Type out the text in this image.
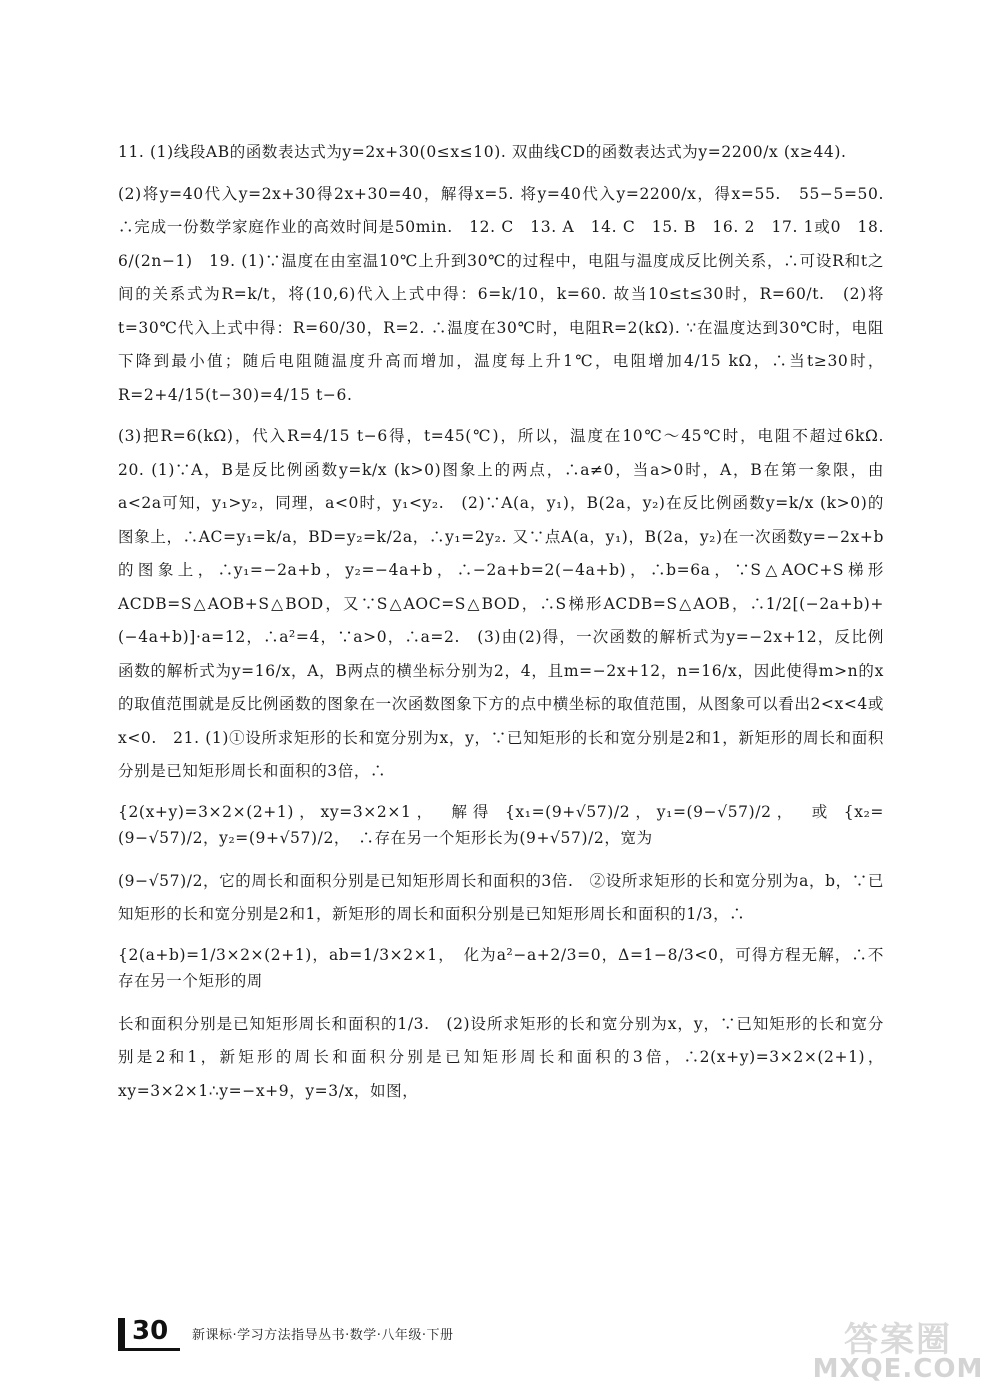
11. (1)线段AB的函数表达式为y=2x+30(0≤x≤10). 双曲线CD的函数表达式为y=2200/x (x≥44).

(2)将y=40代入y=2x+30得2x+30=40，解得x=5. 将y=40代入y=2200/x，得x=55.　55−5=50. ∴完成一份数学家庭作业的高效时间是50min.　12. C　13. A　14. C　15. B　16. 2　17. 1或0　18. 6/(2n−1)　19. (1)∵温度在由室温10℃上升到30℃的过程中，电阻与温度成反比例关系，∴可设R和t之间的关系式为R=k/t，将(10,6)代入上式中得：6=k/10，k=60. 故当10≤t≤30时，R=60/t.　(2)将t=30℃代入上式中得：R=60/30，R=2. ∴温度在30℃时，电阻R=2(kΩ). ∵在温度达到30℃时，电阻下降到最小值；随后电阻随温度升高而增加，温度每上升1℃，电阻增加4/15 kΩ，∴当t≥30时，R=2+4/15(t−30)=4/15 t−6.

(3)把R=6(kΩ)，代入R=4/15 t−6得，t=45(℃)，所以，温度在10℃～45℃时，电阻不超过6kΩ.　20. (1)∵A，B是反比例函数y=k/x (k>0)图象上的两点，∴a≠0，当a>0时，A，B在第一象限，由a<2a可知，y₁>y₂，同理，a<0时，y₁<y₂.　(2)∵A(a，y₁)，B(2a，y₂)在反比例函数y=k/x (k>0)的图象上，∴AC=y₁=k/a，BD=y₂=k/2a，∴y₁=2y₂. 又∵点A(a，y₁)，B(2a，y₂)在一次函数y=−2x+b的图象上，∴y₁=−2a+b，y₂=−4a+b，∴−2a+b=2(−4a+b)，∴b=6a，∵S△AOC+S梯形ACDB=S△AOB+S△BOD，又∵S△AOC=S△BOD，∴S梯形ACDB=S△AOB，∴1/2[(−2a+b)+(−4a+b)]·a=12，∴a²=4，∵a>0，∴a=2.　(3)由(2)得，一次函数的解析式为y=−2x+12，反比例函数的解析式为y=16/x，A，B两点的横坐标分别为2，4，且m=−2x+12，n=16/x，因此使得m>n的x的取值范围就是反比例函数的图象在一次函数图象下方的点中横坐标的取值范围，从图象可以看出2<x<4或x<0.　21. (1)①设所求矩形的长和宽分别为x，y，∵已知矩形的长和宽分别是2和1，新矩形的周长和面积分别是已知矩形周长和面积的3倍，∴

{2(x+y)=3×2×(2+1)，xy=3×2×1，　解得 {x₁=(9+√57)/2，y₁=(9−√57)/2，　或 {x₂=(9−√57)/2，y₂=(9+√57)/2，　∴存在另一个矩形长为(9+√57)/2，宽为

(9−√57)/2，它的周长和面积分别是已知矩形周长和面积的3倍.　②设所求矩形的长和宽分别为a，b，∵已知矩形的长和宽分别是2和1，新矩形的周长和面积分别是已知矩形周长和面积的1/3，∴

{2(a+b)=1/3×2×(2+1)，ab=1/3×2×1，　化为a²−a+2/3=0，Δ=1−8/3<0，可得方程无解，∴不存在另一个矩形的周

长和面积分别是已知矩形周长和面积的1/3.　(2)设所求矩形的长和宽分别为x，y，∵已知矩形的长和宽分别是2和1，新矩形的周长和面积分别是已知矩形周长和面积的3倍，∴2(x+y)=3×2×(2+1)，xy=3×2×1∴y=−x+9，y=3/x，如图，

30 新课标·学习方法指导丛书·数学·八年级·下册	答案圈
MXQE.COM
